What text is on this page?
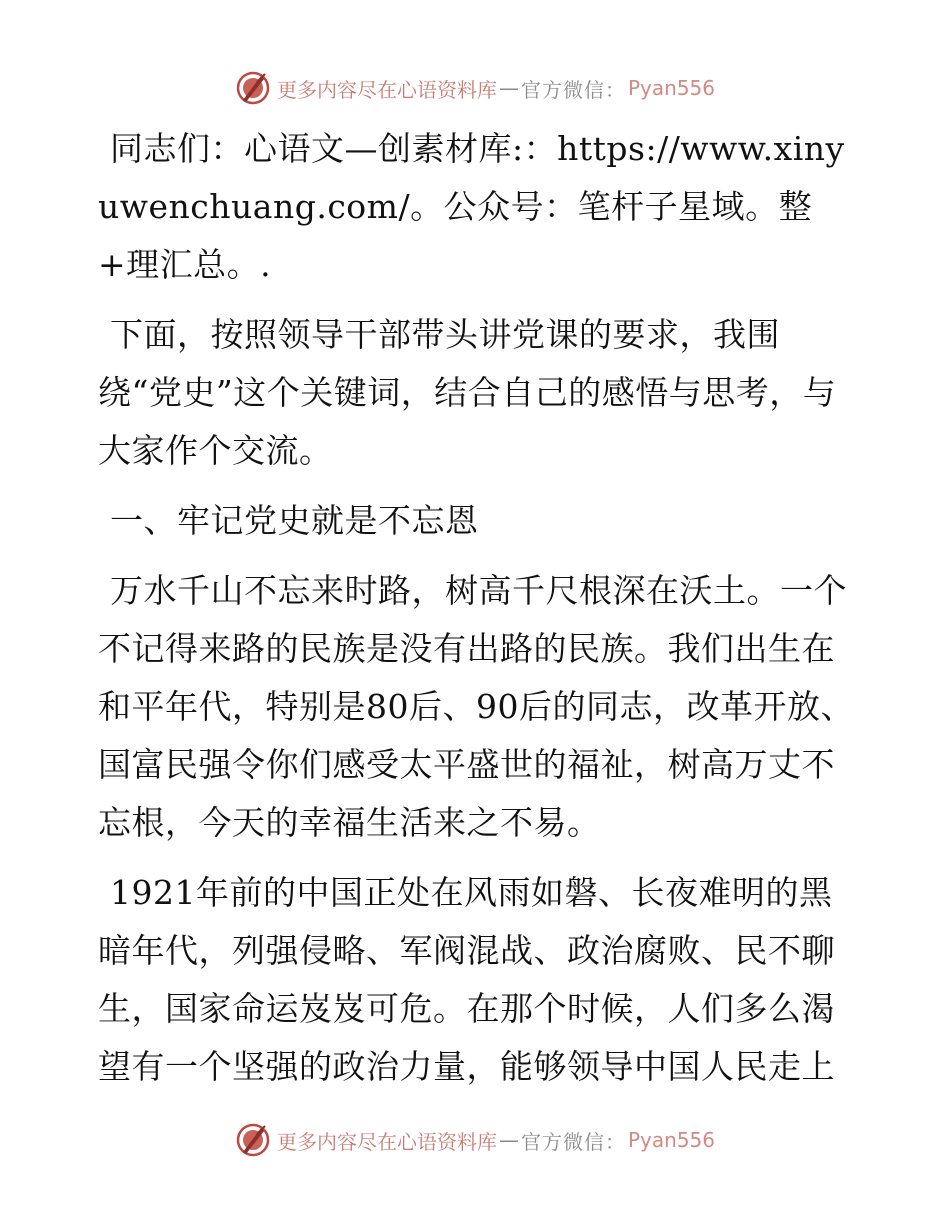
更多内容尽在心语资料库 — 官方微信： Pyan556

同志们：心语文—创素材库:：https://www.xinyuwenchuang.com/。公众号：笔杆子星域。整+理汇总。.

下面，按照领导干部带头讲党课的要求，我围绕“党史”这个关键词，结合自己的感悟与思考，与大家作个交流。

一、牢记党史就是不忘恩

万水千山不忘来时路，树高千尺根深在沃土。一个不记得来路的民族是没有出路的民族。我们出生在和平年代，特别是80后、90后的同志，改革开放、国富民强令你们感受太平盛世的福祉，树高万丈不忘根，今天的幸福生活来之不易。

1921年前的中国正处在风雨如磐、长夜难明的黑暗年代，列强侵略、军阀混战、政治腐败、民不聊生，国家命运岌岌可危。在那个时候，人们多么渴望有一个坚强的政治力量，能够领导中国人民走上

更多内容尽在心语资料库 — 官方微信： Pyan556
